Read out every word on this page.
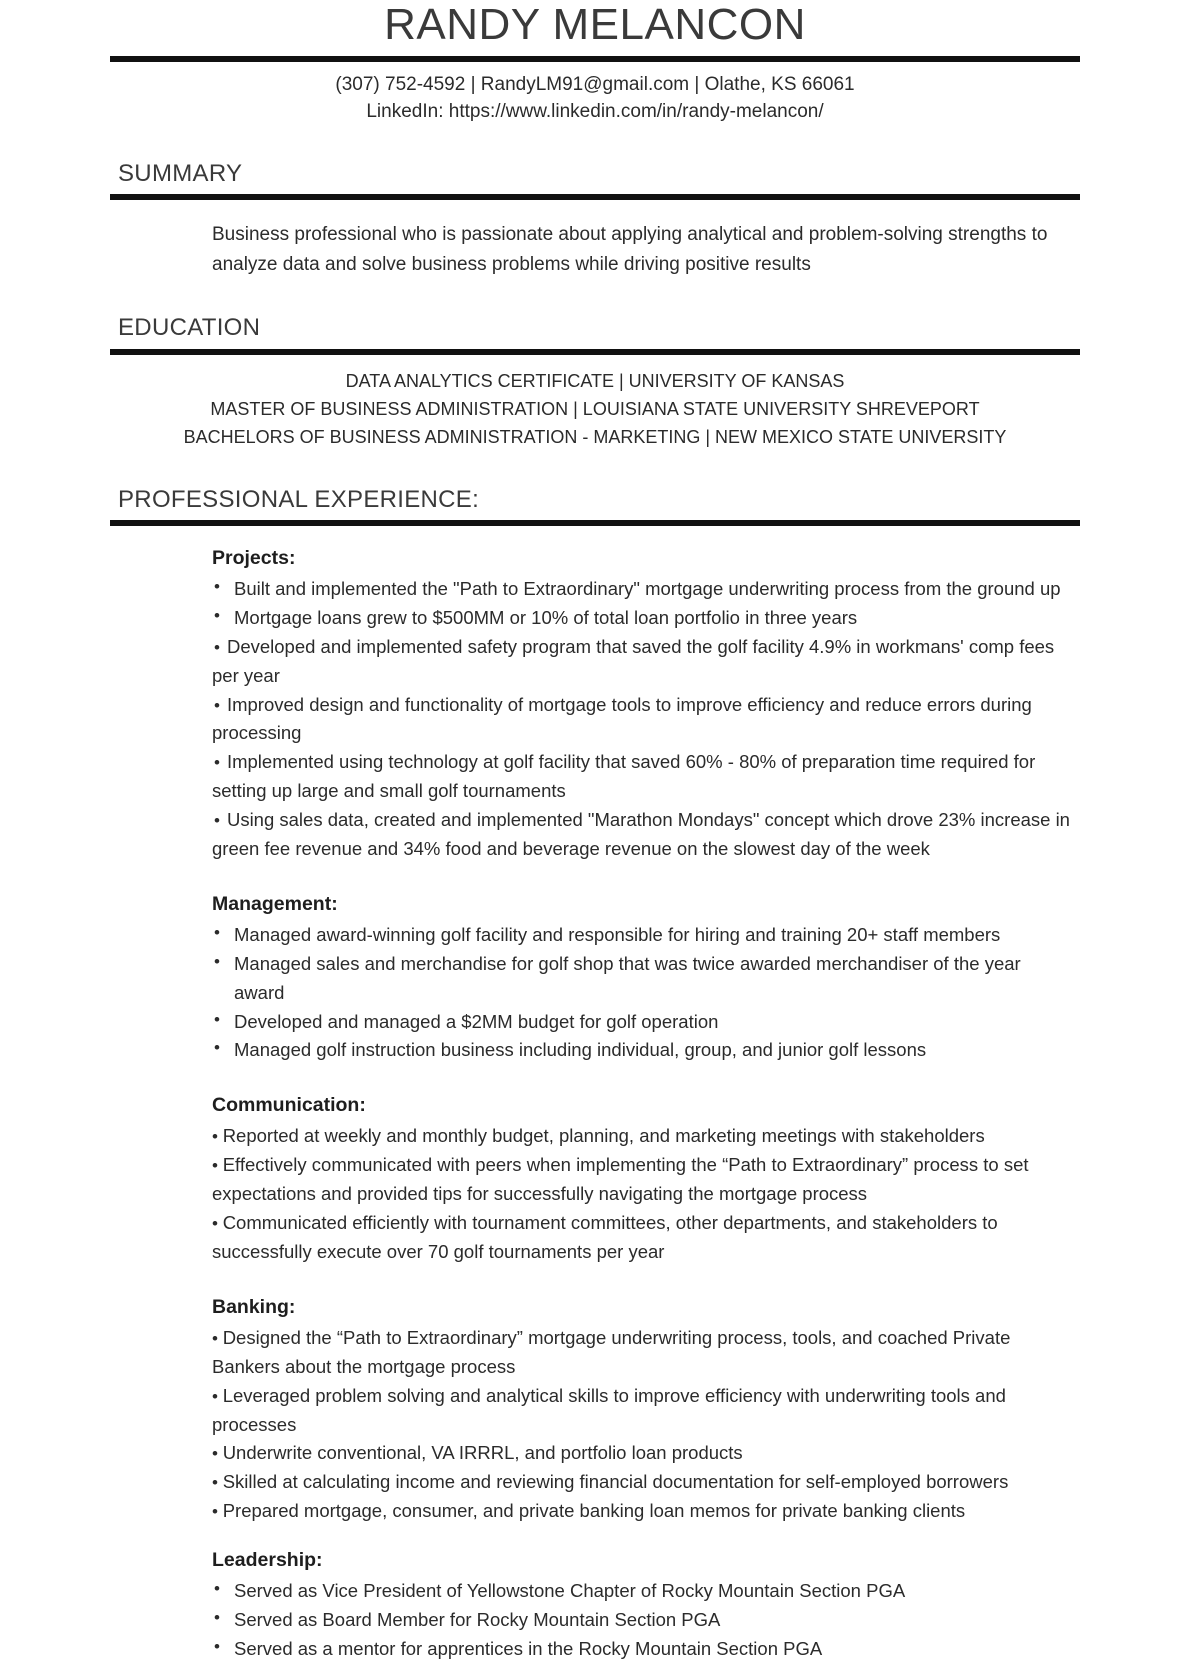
RANDY MELANCON
(307) 752-4592 | RandyLM91@gmail.com | Olathe, KS 66061
LinkedIn: https://www.linkedin.com/in/randy-melancon/
SUMMARY

Business professional who is passionate about applying analytical and problem-solving strengths to analyze data and solve business problems while driving positive results

EDUCATION
DATA ANALYTICS CERTIFICATE | UNIVERSITY OF KANSAS
MASTER OF BUSINESS ADMINISTRATION | LOUISIANA STATE UNIVERSITY SHREVEPORT
BACHELORS OF BUSINESS ADMINISTRATION - MARKETING | NEW MEXICO STATE UNIVERSITY
PROFESSIONAL EXPERIENCE:
Projects:
• Built and implemented the "Path to Extraordinary" mortgage underwriting process from the ground up
• Mortgage loans grew to $500MM or 10% of total loan portfolio in three years
• Developed and implemented safety program that saved the golf facility 4.9% in workmans' comp fees per year
• Improved design and functionality of mortgage tools to improve efficiency and reduce errors during processing
• Implemented using technology at golf facility that saved 60% - 80% of preparation time required for setting up large and small golf tournaments
• Using sales data, created and implemented "Marathon Mondays" concept which drove 23% increase in green fee revenue and 34% food and beverage revenue on the slowest day of the week
Management:
• Managed award-winning golf facility and responsible for hiring and training 20+ staff members
• Managed sales and merchandise for golf shop that was twice awarded merchandiser of the year award
• Developed and managed a $2MM budget for golf operation
• Managed golf instruction business including individual, group, and junior golf lessons
Communication:
• Reported at weekly and monthly budget, planning, and marketing meetings with stakeholders
• Effectively communicated with peers when implementing the “Path to Extraordinary” process to set expectations and provided tips for successfully navigating the mortgage process
• Communicated efficiently with tournament committees, other departments, and stakeholders to successfully execute over 70 golf tournaments per year
Banking:
• Designed the “Path to Extraordinary” mortgage underwriting process, tools, and coached Private Bankers about the mortgage process
• Leveraged problem solving and analytical skills to improve efficiency with underwriting tools and processes
• Underwrite conventional, VA IRRRL, and portfolio loan products
• Skilled at calculating income and reviewing financial documentation for self-employed borrowers
• Prepared mortgage, consumer, and private banking loan memos for private banking clients
Leadership:
• Served as Vice President of Yellowstone Chapter of Rocky Mountain Section PGA
• Served as Board Member for Rocky Mountain Section PGA
• Served as a mentor for apprentices in the Rocky Mountain Section PGA
